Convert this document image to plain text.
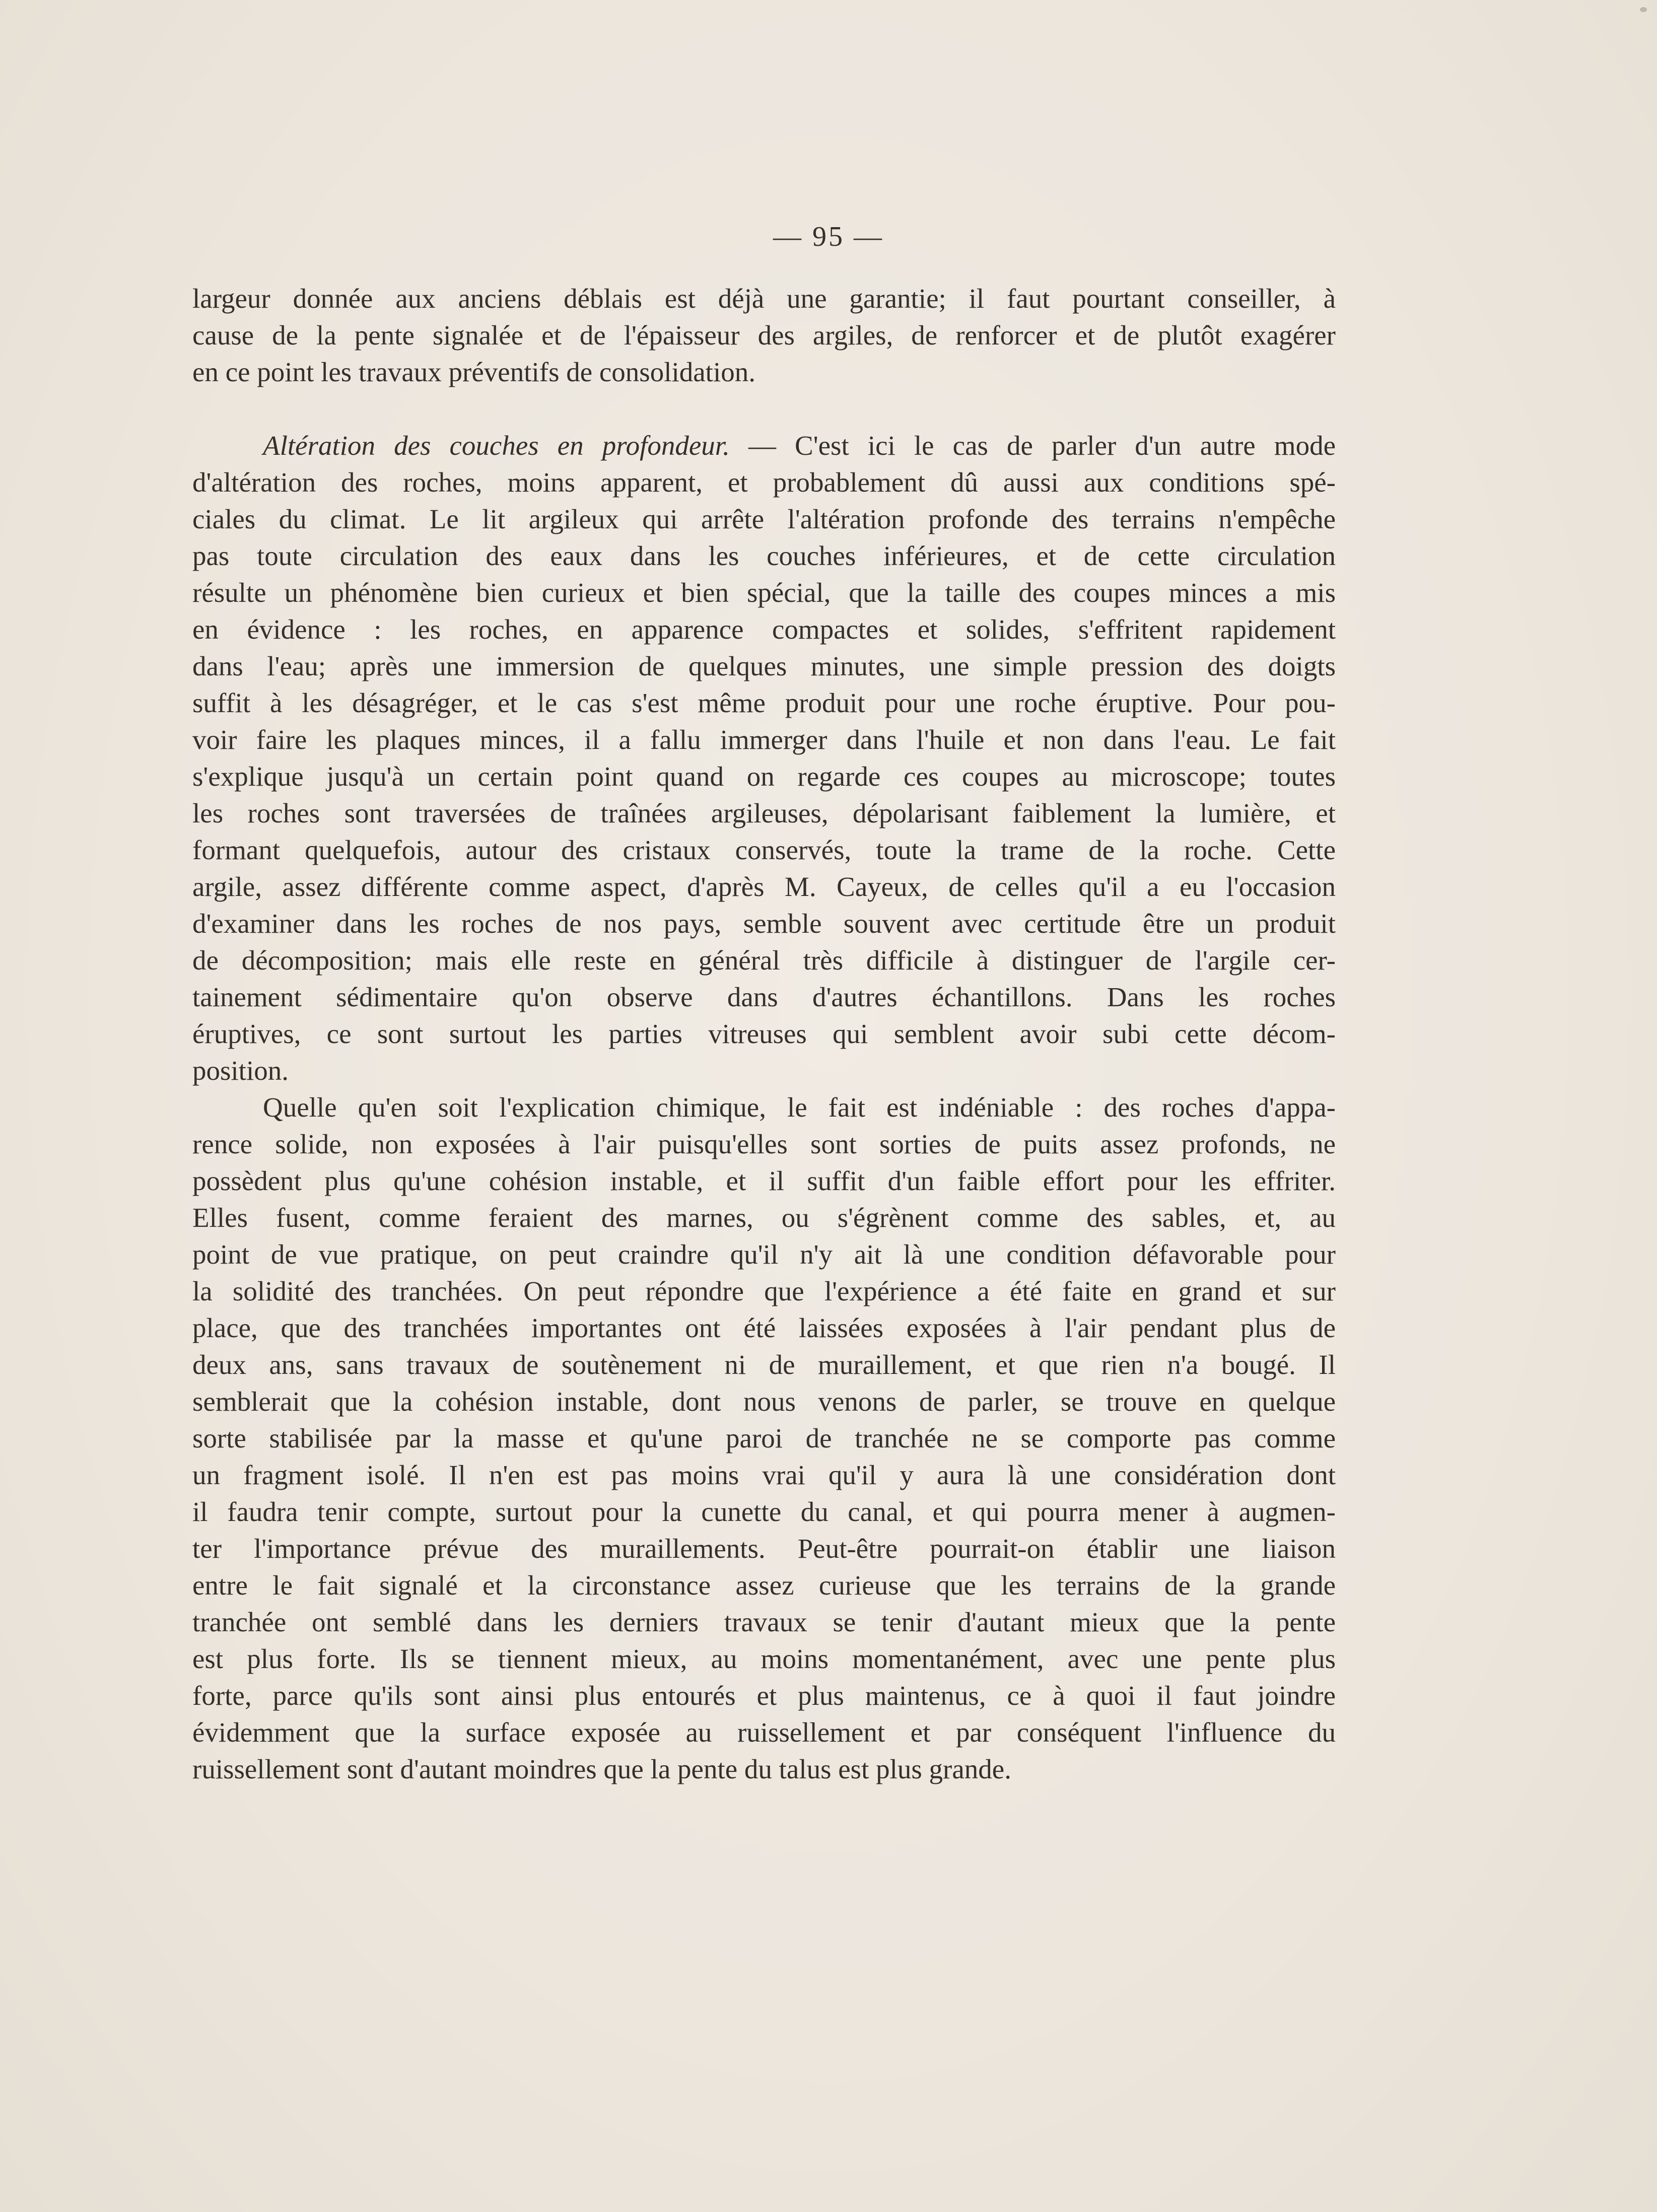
— 95 —
largeur donnée aux anciens déblais est déjà une garantie; il faut pourtant conseiller, à
cause de la pente signalée et de l'épaisseur des argiles, de renforcer et de plutôt exagérer
en ce point les travaux préventifs de consolidation.
Altération des couches en profondeur. — C'est ici le cas de parler d'un autre mode
d'altération des roches, moins apparent, et probablement dû aussi aux conditions spé-
ciales du climat. Le lit argileux qui arrête l'altération profonde des terrains n'empêche
pas toute circulation des eaux dans les couches inférieures, et de cette circulation
résulte un phénomène bien curieux et bien spécial, que la taille des coupes minces a mis
en évidence : les roches, en apparence compactes et solides, s'effritent rapidement
dans l'eau; après une immersion de quelques minutes, une simple pression des doigts
suffit à les désagréger, et le cas s'est même produit pour une roche éruptive. Pour pou-
voir faire les plaques minces, il a fallu immerger dans l'huile et non dans l'eau. Le fait
s'explique jusqu'à un certain point quand on regarde ces coupes au microscope; toutes
les roches sont traversées de traînées argileuses, dépolarisant faiblement la lumière, et
formant quelquefois, autour des cristaux conservés, toute la trame de la roche. Cette
argile, assez différente comme aspect, d'après M. Cayeux, de celles qu'il a eu l'occasion
d'examiner dans les roches de nos pays, semble souvent avec certitude être un produit
de décomposition; mais elle reste en général très difficile à distinguer de l'argile cer-
tainement sédimentaire qu'on observe dans d'autres échantillons. Dans les roches
éruptives, ce sont surtout les parties vitreuses qui semblent avoir subi cette décom-
position.
Quelle qu'en soit l'explication chimique, le fait est indéniable : des roches d'appa-
rence solide, non exposées à l'air puisqu'elles sont sorties de puits assez profonds, ne
possèdent plus qu'une cohésion instable, et il suffit d'un faible effort pour les effriter.
Elles fusent, comme feraient des marnes, ou s'égrènent comme des sables, et, au
point de vue pratique, on peut craindre qu'il n'y ait là une condition défavorable pour
la solidité des tranchées. On peut répondre que l'expérience a été faite en grand et sur
place, que des tranchées importantes ont été laissées exposées à l'air pendant plus de
deux ans, sans travaux de soutènement ni de muraillement, et que rien n'a bougé. Il
semblerait que la cohésion instable, dont nous venons de parler, se trouve en quelque
sorte stabilisée par la masse et qu'une paroi de tranchée ne se comporte pas comme
un fragment isolé. Il n'en est pas moins vrai qu'il y aura là une considération dont
il faudra tenir compte, surtout pour la cunette du canal, et qui pourra mener à augmen-
ter l'importance prévue des muraillements. Peut-être pourrait-on établir une liaison
entre le fait signalé et la circonstance assez curieuse que les terrains de la grande
tranchée ont semblé dans les derniers travaux se tenir d'autant mieux que la pente
est plus forte. Ils se tiennent mieux, au moins momentanément, avec une pente plus
forte, parce qu'ils sont ainsi plus entourés et plus maintenus, ce à quoi il faut joindre
évidemment que la surface exposée au ruissellement et par conséquent l'influence du
ruissellement sont d'autant moindres que la pente du talus est plus grande.
